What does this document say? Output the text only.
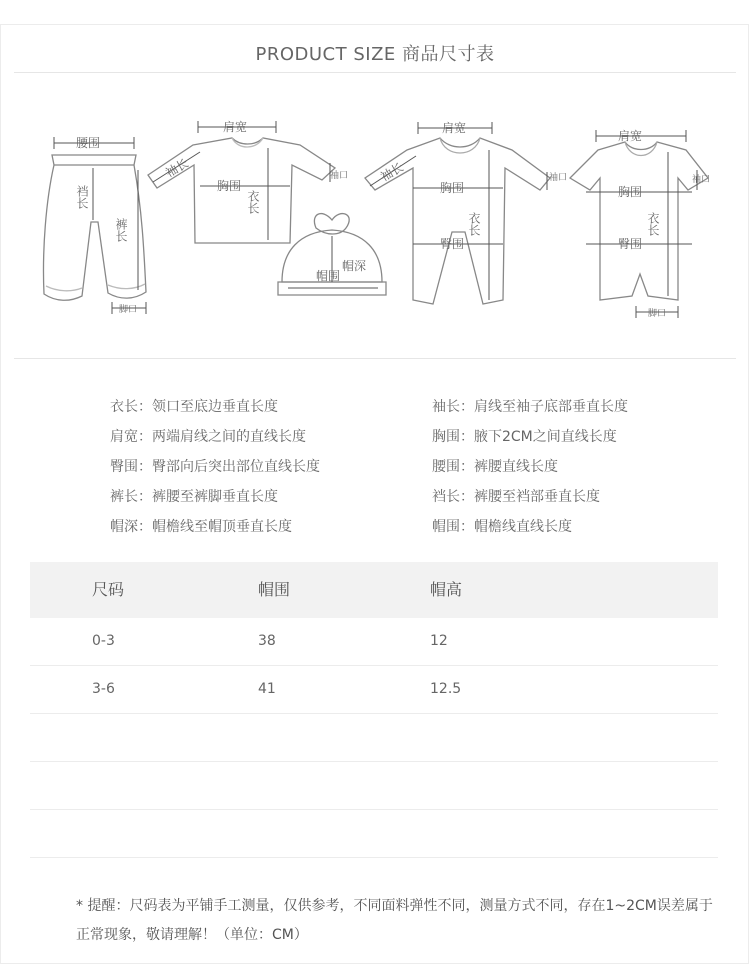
PRODUCT SIZE 商品尺寸表
腰围
裆长
裤长
脚口
肩宽
袖长
胸围
衣长
袖口
帽深
帽围
肩宽
袖长
胸围
衣长
臀围
袖口
肩宽
胸围
衣长
臀围
袖口
脚口
衣长：领口至底边垂直长度	袖长：肩线至袖子底部垂直长度
肩宽：两端肩线之间的直线长度	胸围：腋下2CM之间直线长度
臀围：臀部向后突出部位直线长度	腰围：裤腰直线长度
裤长：裤腰至裤脚垂直长度	裆长：裤腰至裆部垂直长度
帽深：帽檐线至帽顶垂直长度	帽围：帽檐线直线长度
尺码	帽围	帽高
0-3	38	12
3-6	41	12.5
* 提醒：尺码表为平铺手工测量，仅供参考，不同面料弹性不同，测量方式不同，存在1~2CM误差属于正常现象，敬请理解！（单位：CM）
